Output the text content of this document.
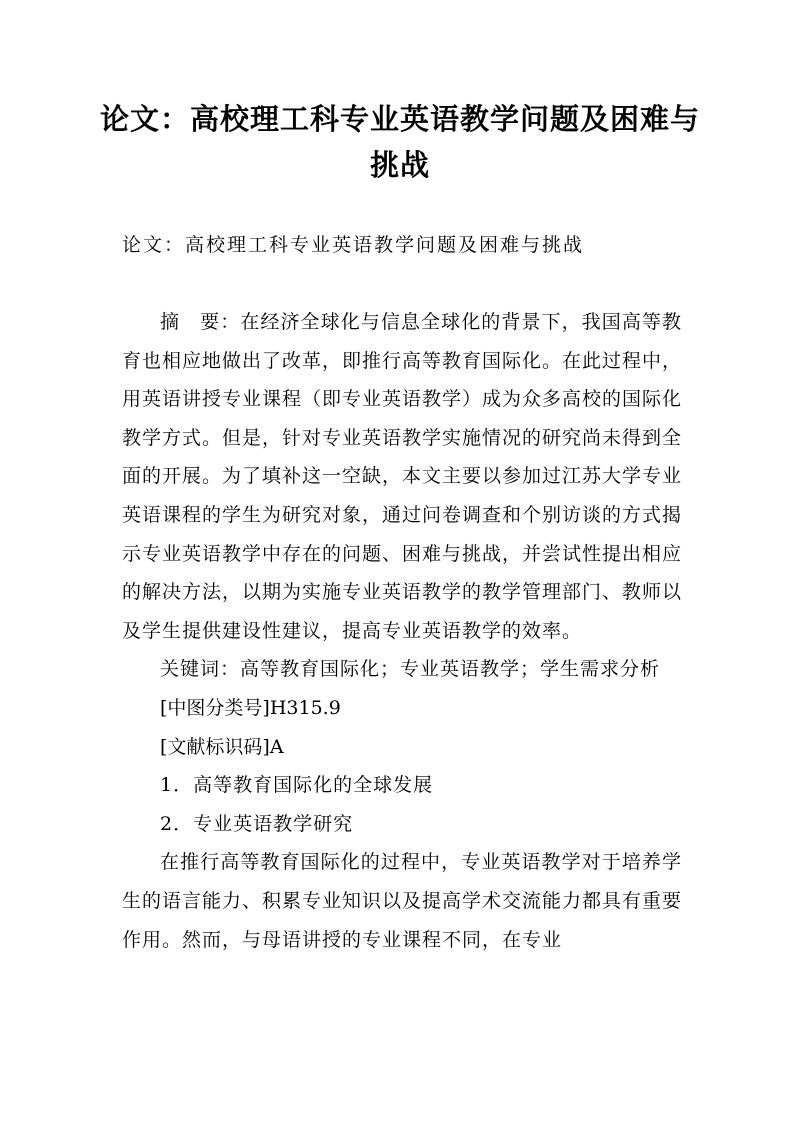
论文：高校理工科专业英语教学问题及困难与挑战
论文：高校理工科专业英语教学问题及困难与挑战

摘　要：在经济全球化与信息全球化的背景下，我国高等教育也相应地做出了改革，即推行高等教育国际化。在此过程中，用英语讲授专业课程（即专业英语教学）成为众多高校的国际化教学方式。但是，针对专业英语教学实施情况的研究尚未得到全面的开展。为了填补这一空缺，本文主要以参加过江苏大学专业英语课程的学生为研究对象，通过问卷调查和个别访谈的方式揭示专业英语教学中存在的问题、困难与挑战，并尝试性提出相应的解决方法，以期为实施专业英语教学的教学管理部门、教师以及学生提供建设性建议，提高专业英语教学的效率。

关键词：高等教育国际化；专业英语教学；学生需求分析

[中图分类号]H315.9

[文献标识码]A

1．高等教育国际化的全球发展

2．专业英语教学研究

在推行高等教育国际化的过程中，专业英语教学对于培养学生的语言能力、积累专业知识以及提高学术交流能力都具有重要作用。然而，与母语讲授的专业课程不同，在专业
